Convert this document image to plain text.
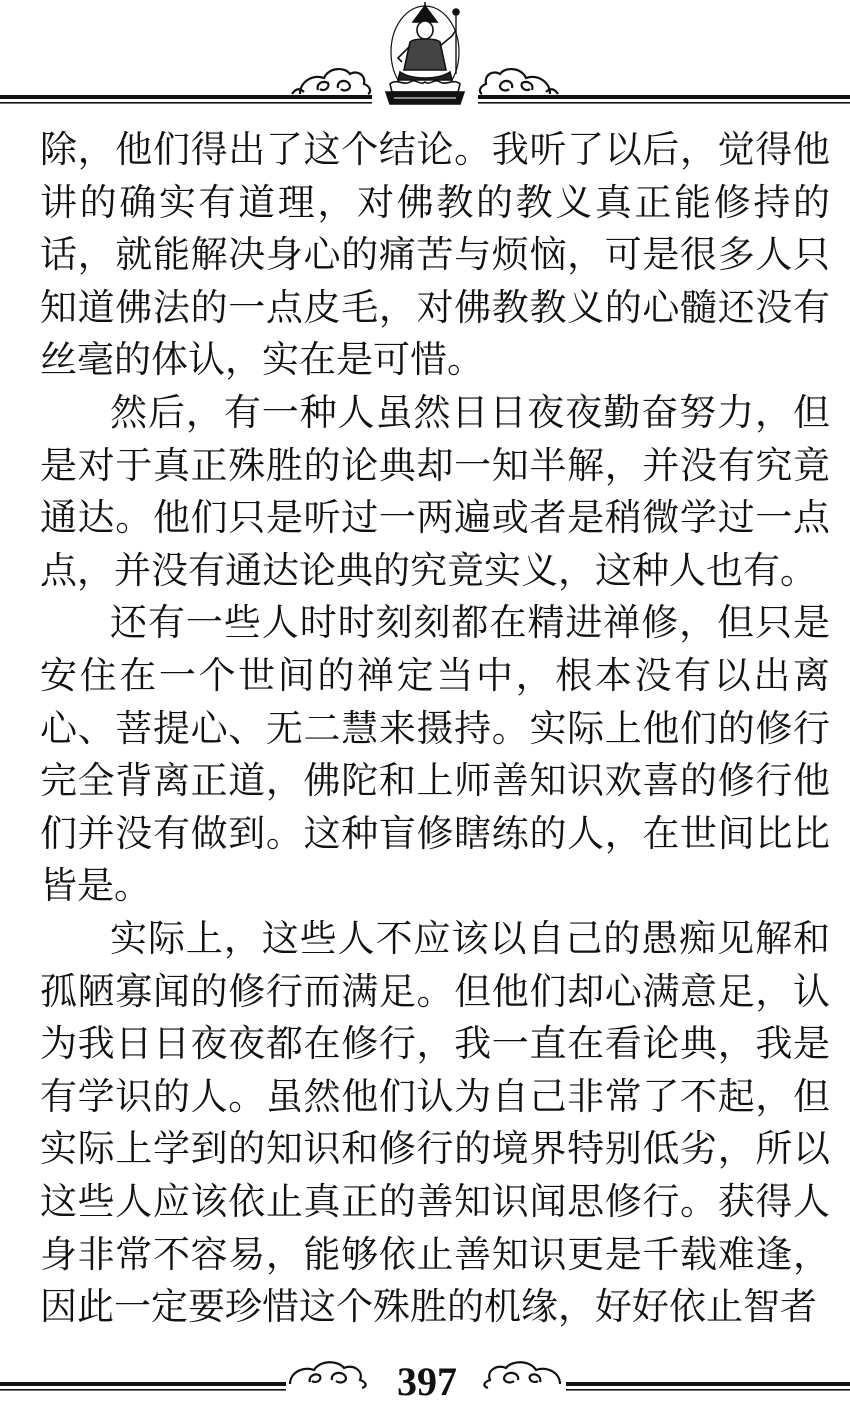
除，他们得出了这个结论。我听了以后，觉得他
讲的确实有道理，对佛教的教义真正能修持的
话，就能解决身心的痛苦与烦恼，可是很多人只
知道佛法的一点皮毛，对佛教教义的心髓还没有
丝毫的体认，实在是可惜。
然后，有一种人虽然日日夜夜勤奋努力，但
是对于真正殊胜的论典却一知半解，并没有究竟
通达。他们只是听过一两遍或者是稍微学过一点
点，并没有通达论典的究竟实义，这种人也有。
还有一些人时时刻刻都在精进禅修，但只是
安住在一个世间的禅定当中，根本没有以出离
心、菩提心、无二慧来摄持。实际上他们的修行
完全背离正道，佛陀和上师善知识欢喜的修行他
们并没有做到。这种盲修瞎练的人，在世间比比
皆是。
实际上，这些人不应该以自己的愚痴见解和
孤陋寡闻的修行而满足。但他们却心满意足，认
为我日日夜夜都在修行，我一直在看论典，我是
有学识的人。虽然他们认为自己非常了不起，但
实际上学到的知识和修行的境界特别低劣，所以
这些人应该依止真正的善知识闻思修行。获得人
身非常不容易，能够依止善知识更是千载难逢，
因此一定要珍惜这个殊胜的机缘，好好依止智者
397
